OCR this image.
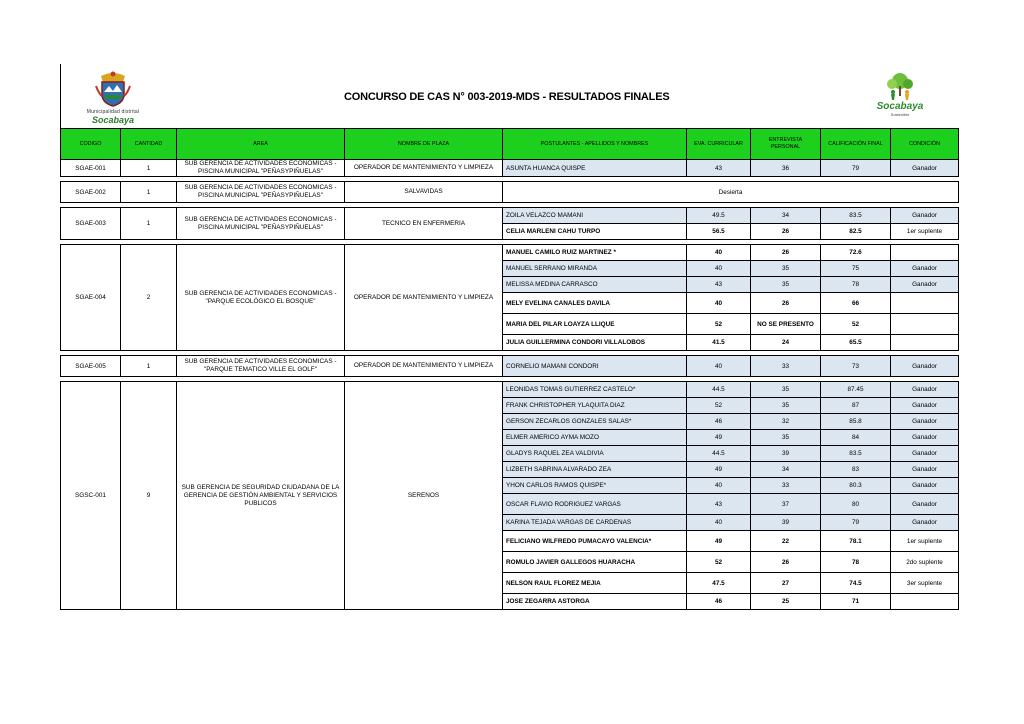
Municipalidad distrital
Socabaya
CONCURSO DE CAS N° 003-2019-MDS - RESULTADOS FINALES
Socabaya
Sostenible
CODIGO	CANTIDAD	AREA	NOMBRE DE PLAZA	POSTULANTES - APELLIDOS Y NOMBRES	EVA. CURRICULAR	ENTREVISTA PERSONAL	CALIFICACIÓN FINAL	CONDICIÓN
SGAE-001	1	SUB GERENCIA DE ACTIVIDADES ECONOMICAS - PISCINA MUNICIPAL "PEÑASYPIÑUELAS"	OPERADOR DE MANTENIMIENTO Y LIMPIEZA	ASUNTA HUANCA QUISPE	43	36	79	Ganador

SGAE-002	1	SUB GERENCIA DE ACTIVIDADES ECONOMICAS - PISCINA MUNICIPAL "PEÑASYPIÑUELAS"	SALVAVIDAS	Desierta				

SGAE-003	1	SUB GERENCIA DE ACTIVIDADES ECONOMICAS - PISCINA MUNICIPAL "PEÑASYPIÑUELAS"	TECNICO EN ENFERMERIA	ZOILA VELAZCO MAMANI	49.5	34	83.5	Ganador
				CELIA MARLENI CAHU TURPO	56.5	26	82.5	1er suplente

SGAE-004	2	SUB GERENCIA DE ACTIVIDADES ECONOMICAS - "PARQUE ECOLÓGICO EL BOSQUE"	OPERADOR DE MANTENIMIENTO Y LIMPIEZA	MANUEL CAMILO RUIZ MARTINEZ *	40	26	72.6	
				MANUEL SERRANO MIRANDA	40	35	75	Ganador
				MELISSA MEDINA CARRASCO	43	35	78	Ganador
				MELY EVELINA CANALES DAVILA	40	26	66	
				MARIA DEL PILAR LOAYZA LLIQUE	52	NO SE PRESENTO	52	
				JULIA GUILLERMINA CONDORI VILLALOBOS	41.5	24	65.5	

SGAE-005	1	SUB GERENCIA DE ACTIVIDADES ECONOMICAS - "PARQUE TEMATICO VILLE EL GOLF"	OPERADOR DE MANTENIMIENTO Y LIMPIEZA	CORNELIO MAMANI CONDORI	40	33	73	Ganador

SGSC-001	9	SUB GERENCIA DE SEGURIDAD CIUDADANA DE LA GERENCIA DE GESTIÓN AMBIENTAL Y SERVICIOS PUBLICOS	SERENOS	LEONIDAS TOMAS GUTIERREZ CASTELO*	44.5	35	87.45	Ganador
				FRANK CHRISTOPHER YLAQUITA DIAZ	52	35	87	Ganador
				GERSON ZECARLOS GONZALES SALAS*	46	32	85.8	Ganador
				ELMER AMERICO AYMA MOZO	49	35	84	Ganador
				GLADYS RAQUEL ZEA VALDIVIA	44.5	39	83.5	Ganador
				LIZBETH SABRINA ALVARADO ZEA	49	34	83	Ganador
				YHON CARLOS RAMOS QUISPE*	40	33	80.3	Ganador
				OSCAR FLAVIO RODRIGUEZ VARGAS	43	37	80	Ganador
				KARINA TEJADA VARGAS DE CARDENAS	40	39	79	Ganador
				FELICIANO WILFREDO PUMACAYO VALENCIA*	49	22	78.1	1er suplente
				ROMULO JAVIER GALLEGOS HUARACHA	52	26	78	2do suplente
				NELSON RAUL FLOREZ MEJIA	47.5	27	74.5	3er suplente
				JOSE ZEGARRA ASTORGA	46	25	71	
